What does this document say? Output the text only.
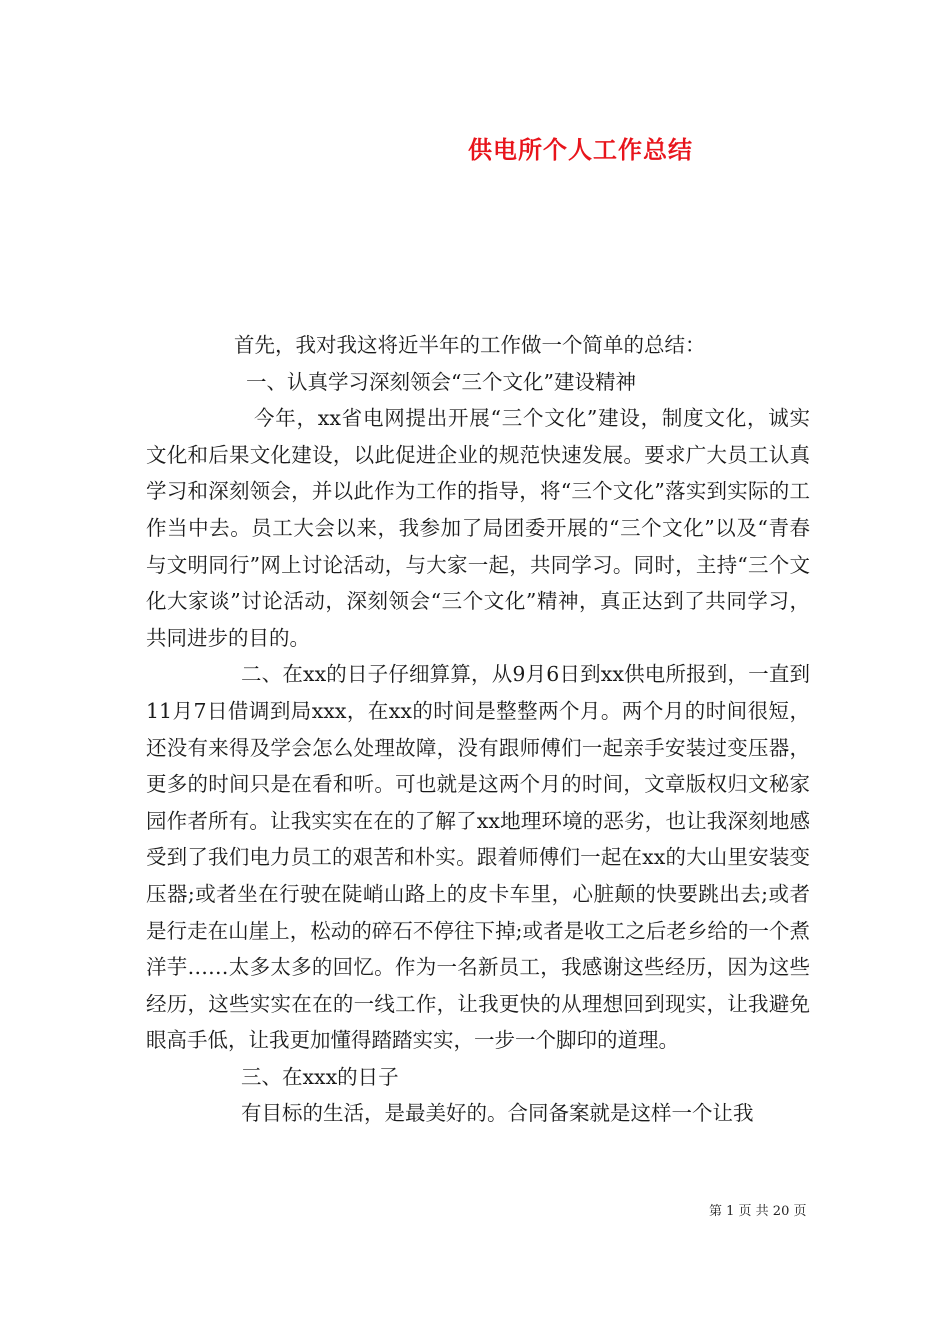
供电所个人工作总结

首先，我对我这将近半年的工作做一个简单的总结：

一、认真学习深刻领会“三个文化”建设精神

今年，xx省电网提出开展“三个文化”建设，制度文化，诚实文化和后果文化建设，以此促进企业的规范快速发展。要求广大员工认真学习和深刻领会，并以此作为工作的指导，将“三个文化”落实到实际的工作当中去。员工大会以来，我参加了局团委开展的“三个文化”以及“青春与文明同行”网上讨论活动，与大家一起，共同学习。同时，主持“三个文化大家谈”讨论活动，深刻领会“三个文化”精神，真正达到了共同学习，共同进步的目的。

二、在xx的日子仔细算算，从9月6日到xx供电所报到，一直到11月7日借调到局xxx，在xx的时间是整整两个月。两个月的时间很短，还没有来得及学会怎么处理故障，没有跟师傅们一起亲手安装过变压器，更多的时间只是在看和听。可也就是这两个月的时间，文章版权归文秘家园作者所有。让我实实在在的了解了xx地理环境的恶劣，也让我深刻地感受到了我们电力员工的艰苦和朴实。跟着师傅们一起在xx的大山里安装变压器;或者坐在行驶在陡峭山路上的皮卡车里，心脏颠的快要跳出去;或者是行走在山崖上，松动的碎石不停往下掉;或者是收工之后老乡给的一个煮洋芋……太多太多的回忆。作为一名新员工，我感谢这些经历，因为这些经历，这些实实在在的一线工作，让我更快的从理想回到现实，让我避免眼高手低，让我更加懂得踏踏实实，一步一个脚印的道理。

三、在xxx的日子

有目标的生活，是最美好的。合同备案就是这样一个让我

第 1 页 共 20 页
